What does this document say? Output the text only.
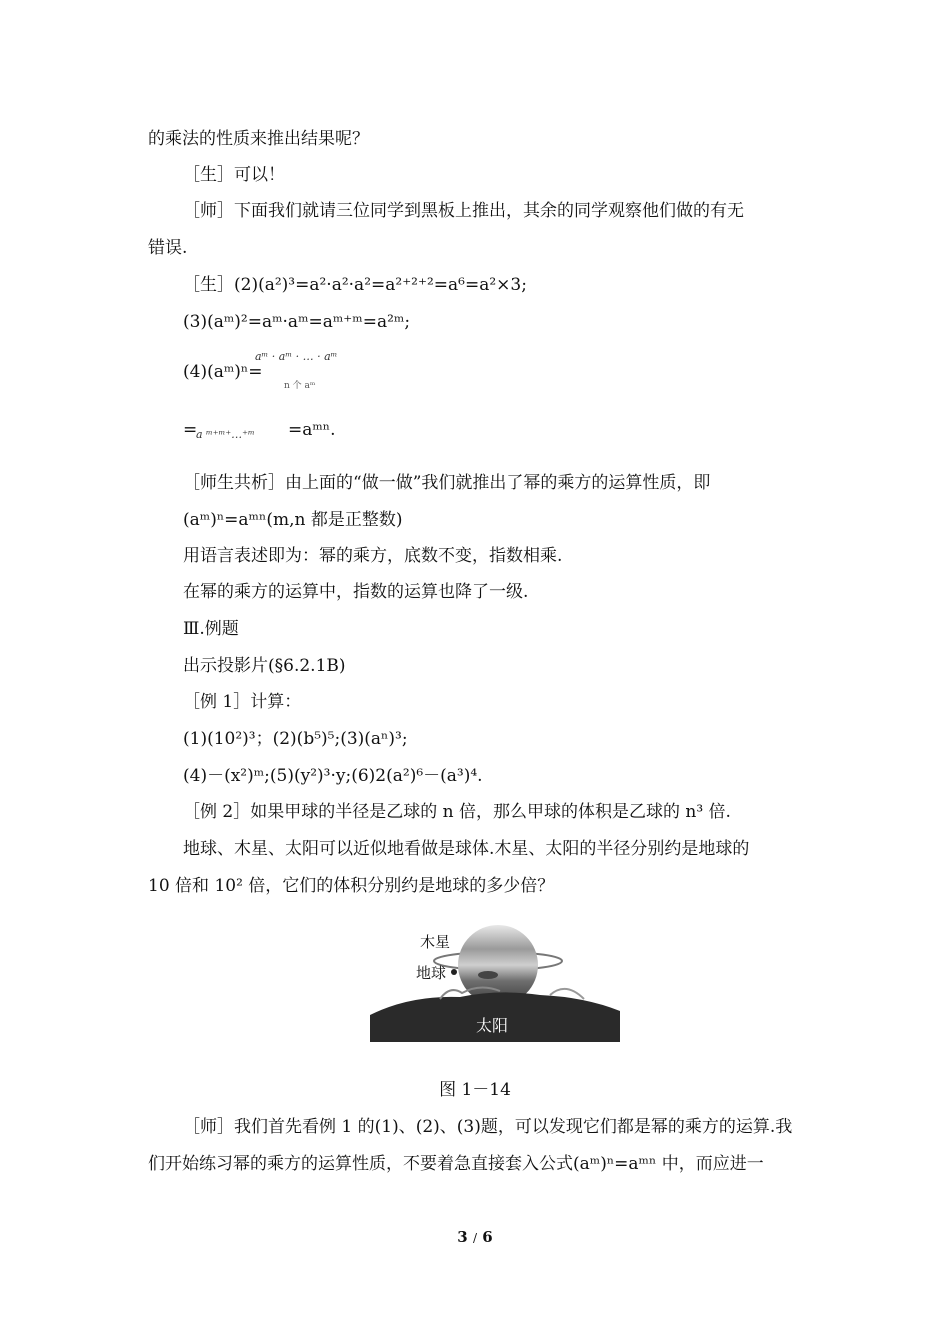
的乘法的性质来推出结果呢？
［生］可以！
［师］下面我们就请三位同学到黑板上推出，其余的同学观察他们做的有无
错误.
［生］(2)(a²)³=a²·a²·a²=a²⁺²⁺²=a⁶=a²×3;
(3)(aᵐ)²=aᵐ·aᵐ=aᵐ⁺ᵐ=a²ᵐ;
(4)(aᵐ)ⁿ=
aᵐ · aᵐ · … · aᵐ
n 个 aᵐ
=
a ᵐ⁺ᵐ⁺…⁺ᵐ =aᵐⁿ.
［师生共析］由上面的“做一做”我们就推出了幂的乘方的运算性质，即
(aᵐ)ⁿ=aᵐⁿ(m,n 都是正整数)
用语言表述即为：幂的乘方，底数不变，指数相乘.
在幂的乘方的运算中，指数的运算也降了一级.
Ⅲ.例题
出示投影片(§6.2.1B)
［例 1］计算：
(1)(10²)³；(2)(b⁵)⁵;(3)(aⁿ)³;
(4)－(x²)ᵐ;(5)(y²)³·y;(6)2(a²)⁶－(a³)⁴.
［例 2］如果甲球的半径是乙球的 n 倍，那么甲球的体积是乙球的 n³ 倍.
地球、木星、太阳可以近似地看做是球体.木星、太阳的半径分别约是地球的
10 倍和 10² 倍，它们的体积分别约是地球的多少倍？
木星
地球
太阳
图 1－14
［师］我们首先看例 1 的(1)、(2)、(3)题，可以发现它们都是幂的乘方的运算.我
们开始练习幂的乘方的运算性质，不要着急直接套入公式(aᵐ)ⁿ=aᵐⁿ 中，而应进一
3 / 6
